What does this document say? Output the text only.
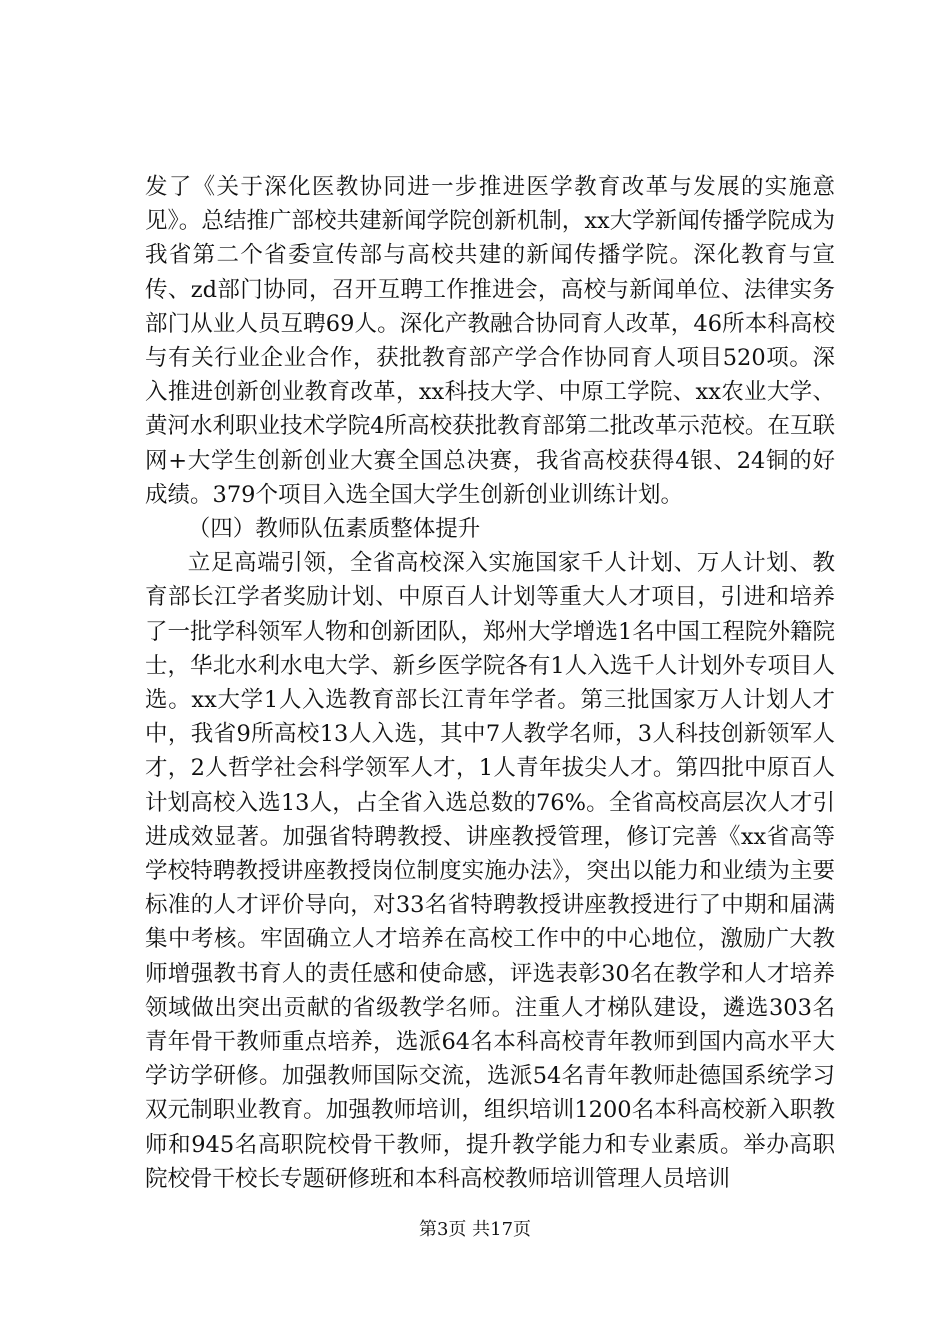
发了《关于深化医教协同进一步推进医学教育改革与发展的实施意见》。总结推广部校共建新闻学院创新机制，xx大学新闻传播学院成为我省第二个省委宣传部与高校共建的新闻传播学院。深化教育与宣传、zd部门协同，召开互聘工作推进会，高校与新闻单位、法律实务部门从业人员互聘69人。深化产教融合协同育人改革，46所本科高校与有关行业企业合作，获批教育部产学合作协同育人项目520项。深入推进创新创业教育改革，xx科技大学、中原工学院、xx农业大学、黄河水利职业技术学院4所高校获批教育部第二批改革示范校。在互联网+大学生创新创业大赛全国总决赛，我省高校获得4银、24铜的好成绩。379个项目入选全国大学生创新创业训练计划。

（四）教师队伍素质整体提升

立足高端引领，全省高校深入实施国家千人计划、万人计划、教育部长江学者奖励计划、中原百人计划等重大人才项目，引进和培养了一批学科领军人物和创新团队，郑州大学增选1名中国工程院外籍院士，华北水利水电大学、新乡医学院各有1人入选千人计划外专项目人选。xx大学1人入选教育部长江青年学者。第三批国家万人计划人才中，我省9所高校13人入选，其中7人教学名师，3人科技创新领军人才，2人哲学社会科学领军人才，1人青年拔尖人才。第四批中原百人计划高校入选13人，占全省入选总数的76%。全省高校高层次人才引进成效显著。加强省特聘教授、讲座教授管理，修订完善《xx省高等学校特聘教授讲座教授岗位制度实施办法》，突出以能力和业绩为主要标准的人才评价导向，对33名省特聘教授讲座教授进行了中期和届满集中考核。牢固确立人才培养在高校工作中的中心地位，激励广大教师增强教书育人的责任感和使命感，评选表彰30名在教学和人才培养领域做出突出贡献的省级教学名师。注重人才梯队建设，遴选303名青年骨干教师重点培养，选派64名本科高校青年教师到国内高水平大学访学研修。加强教师国际交流，选派54名青年教师赴德国系统学习双元制职业教育。加强教师培训，组织培训1200名本科高校新入职教师和945名高职院校骨干教师，提升教学能力和专业素质。举办高职院校骨干校长专题研修班和本科高校教师培训管理人员培训

第3页 共17页
